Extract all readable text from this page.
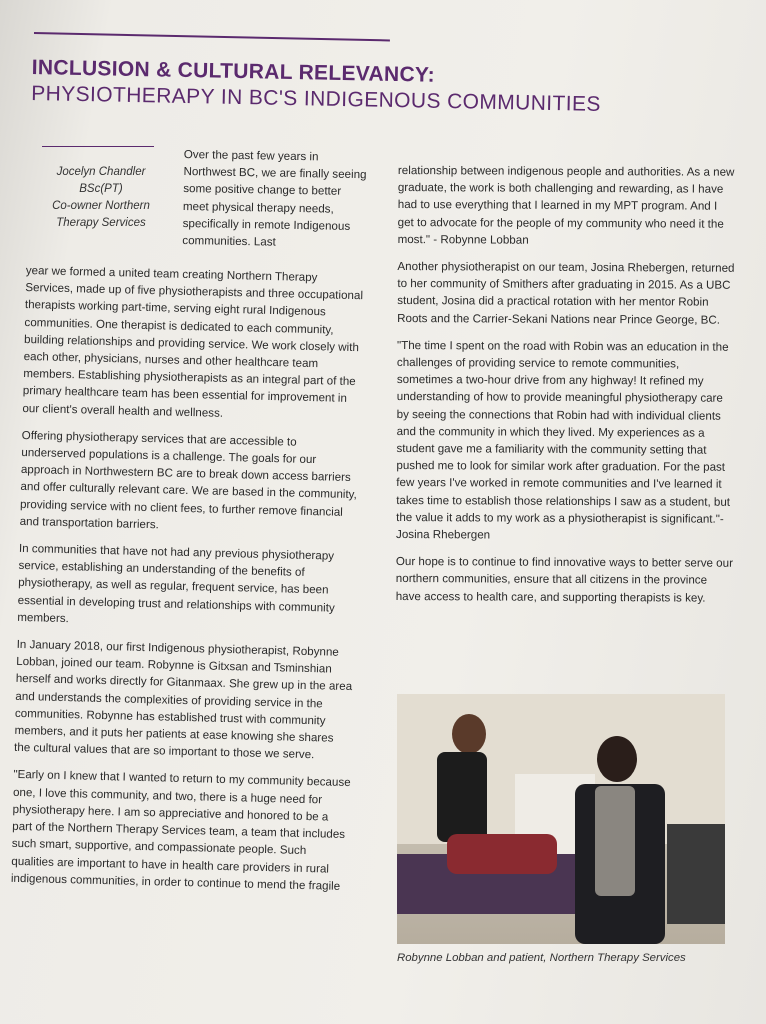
INCLUSION & CULTURAL RELEVANCY:
PHYSIOTHERAPY IN BC'S INDIGENOUS COMMUNITIES
Jocelyn Chandler
BSc(PT)
Co-owner Northern
Therapy Services
Over the past few years in Northwest BC, we are finally seeing some positive change to better meet physical therapy needs, specifically in remote Indigenous communities. Last

year we formed a united team creating Northern Therapy Services, made up of five physiotherapists and three occupational therapists working part-time, serving eight rural Indigenous communities. One therapist is dedicated to each community, building relationships and providing service. We work closely with each other, physicians, nurses and other healthcare team members. Establishing physiotherapists as an integral part of the primary healthcare team has been essential for improvement in our client's overall health and wellness.

Offering physiotherapy services that are accessible to underserved populations is a challenge. The goals for our approach in Northwestern BC are to break down access barriers and offer culturally relevant care. We are based in the community, providing service with no client fees, to further remove financial and transportation barriers.

In communities that have not had any previous physiotherapy service, establishing an understanding of the benefits of physiotherapy, as well as regular, frequent service, has been essential in developing trust and relationships with community members.

In January 2018, our first Indigenous physiotherapist, Robynne Lobban, joined our team. Robynne is Gitxsan and Tsminshian herself and works directly for Gitanmaax. She grew up in the area and understands the complexities of providing service in the communities. Robynne has established trust with community members, and it puts her patients at ease knowing she shares the cultural values that are so important to those we serve.

"Early on I knew that I wanted to return to my community because one, I love this community, and two, there is a huge need for physiotherapy here. I am so appreciative and honored to be a part of the Northern Therapy Services team, a team that includes such smart, supportive, and compassionate people. Such qualities are important to have in health care providers in rural indigenous communities, in order to continue to mend the fragile

relationship between indigenous people and authorities. As a new graduate, the work is both challenging and rewarding, as I have had to use everything that I learned in my MPT program. And I get to advocate for the people of my community who need it the most." - Robynne Lobban

Another physiotherapist on our team, Josina Rhebergen, returned to her community of Smithers after graduating in 2015. As a UBC student, Josina did a practical rotation with her mentor Robin Roots and the Carrier-Sekani Nations near Prince George, BC.

"The time I spent on the road with Robin was an education in the challenges of providing service to remote communities, sometimes a two-hour drive from any highway! It refined my understanding of how to provide meaningful physiotherapy care by seeing the connections that Robin had with individual clients and the community in which they lived. My experiences as a student gave me a familiarity with the community setting that pushed me to look for similar work after graduation. For the past few years I've worked in remote communities and I've learned it takes time to establish those relationships I saw as a student, but the value it adds to my work as a physiotherapist is significant."- Josina Rhebergen

Our hope is to continue to find innovative ways to better serve our northern communities, ensure that all citizens in the province have access to health care, and supporting therapists is key.

Robynne Lobban and patient, Northern Therapy Services
